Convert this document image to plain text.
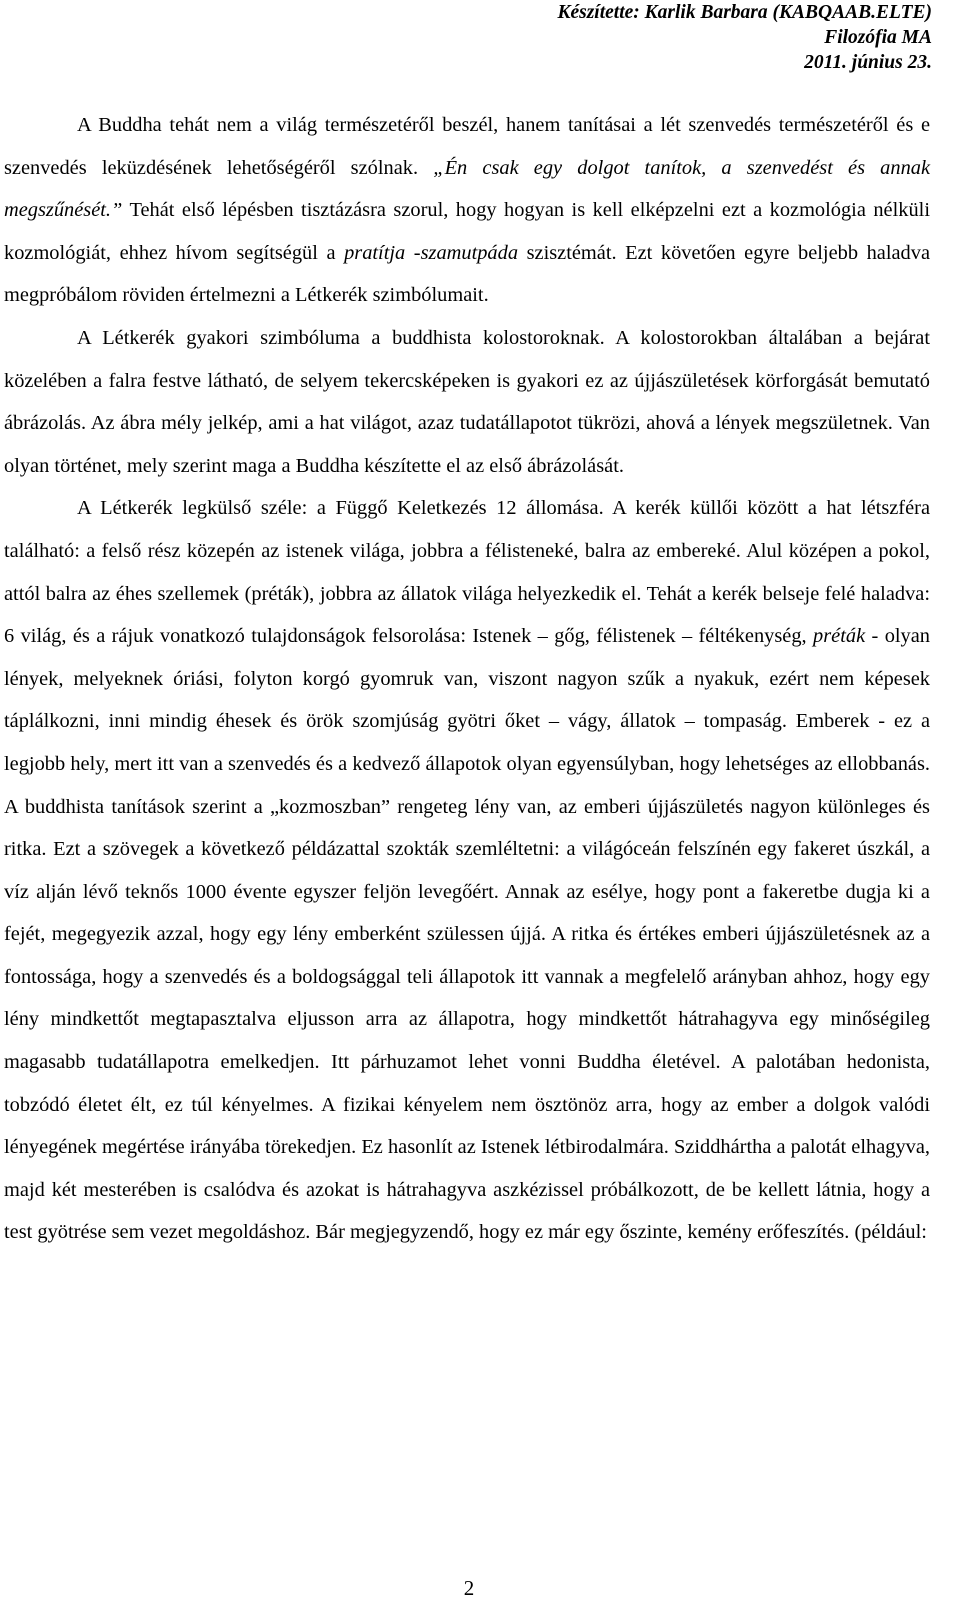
Készítette: Karlik Barbara (KABQAAB.ELTE)
Filozófia MA
2011. június 23.

A Buddha tehát nem a világ természetéről beszél, hanem tanításai a lét szenvedés természetéről és e szenvedés leküzdésének lehetőségéről szólnak. „Én csak egy dolgot tanítok, a szenvedést és annak megszűnését.” Tehát első lépésben tisztázásra szorul, hogy hogyan is kell elképzelni ezt a kozmológia nélküli kozmológiát, ehhez hívom segítségül a pratítja -szamutpáda szisztémát. Ezt követően egyre beljebb haladva megpróbálom röviden értelmezni a Létkerék szimbólumait.

A Létkerék gyakori szimbóluma a buddhista kolostoroknak. A kolostorokban általában a bejárat közelében a falra festve látható, de selyem tekercsképeken is gyakori ez az újjászületések körforgását bemutató ábrázolás. Az ábra mély jelkép, ami a hat világot, azaz tudatállapotot tükrözi, ahová a lények megszületnek. Van olyan történet, mely szerint maga a Buddha készítette el az első ábrázolását.

A Létkerék legkülső széle: a Függő Keletkezés 12 állomása. A kerék küllői között a hat létszféra található: a felső rész közepén az istenek világa, jobbra a félisteneké, balra az embereké. Alul középen a pokol, attól balra az éhes szellemek (préták), jobbra az állatok világa helyezkedik el. Tehát a kerék belseje felé haladva: 6 világ, és a rájuk vonatkozó tulajdonságok felsorolása: Istenek – gőg, félistenek – féltékenység, préták - olyan lények, melyeknek óriási, folyton korgó gyomruk van, viszont nagyon szűk a nyakuk, ezért nem képesek táplálkozni, inni mindig éhesek és örök szomjúság gyötri őket – vágy, állatok – tompaság. Emberek - ez a legjobb hely, mert itt van a szenvedés és a kedvező állapotok olyan egyensúlyban, hogy lehetséges az ellobbanás. A buddhista tanítások szerint a „kozmoszban” rengeteg lény van, az emberi újjászületés nagyon különleges és ritka. Ezt a szövegek a következő példázattal szokták szemléltetni: a világóceán felszínén egy fakeret úszkál, a víz alján lévő teknős 1000 évente egyszer feljön levegőért. Annak az esélye, hogy pont a fakeretbe dugja ki a fejét, megegyezik azzal, hogy egy lény emberként szülessen újjá. A ritka és értékes emberi újjászületésnek az a fontossága, hogy a szenvedés és a boldogsággal teli állapotok itt vannak a megfelelő arányban ahhoz, hogy egy lény mindkettőt megtapasztalva eljusson arra az állapotra, hogy mindkettőt hátrahagyva egy minőségileg magasabb tudatállapotra emelkedjen. Itt párhuzamot lehet vonni Buddha életével. A palotában hedonista, tobzódó életet élt, ez túl kényelmes. A fizikai kényelem nem ösztönöz arra, hogy az ember a dolgok valódi lényegének megértése irányába törekedjen. Ez hasonlít az Istenek létbirodalmára. Sziddhártha a palotát elhagyva, majd két mesterében is csalódva és azokat is hátrahagyva aszkézissel próbálkozott, de be kellett látnia, hogy a test gyötrése sem vezet megoldáshoz. Bár megjegyzendő, hogy ez már egy őszinte, kemény erőfeszítés. (például:

2
